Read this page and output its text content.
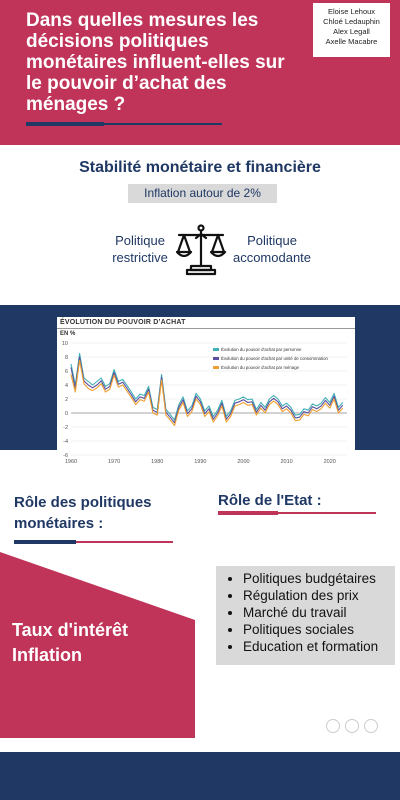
Dans quelles mesures les décisions politiques monétaires influent-elles sur le pouvoir d’achat des ménages ?
Eloise Lehoux
Chloé Ledauphin
Alex Legall
Axelle Macabre
Stabilité monétaire et financière
Inflation autour de 2%
Politique
restrictive
Politique
accomodante
ÉVOLUTION DU POUVOIR D’ACHAT
EN %
-6
-4
-2
0
2
4
6
8
10
1960	1970	1980	1990	2000	2010	2020
Évolution du pouvoir d'achat par personne
Évolution du pouvoir d'achat par unité de consommation
Évolution du pouvoir d'achat par ménage
Rôle des politiques monétaires :
Rôle de l'Etat :
Taux d'intérêt
Inflation
• Politiques budgétaires
• Régulation des prix
• Marché du travail
• Politiques sociales
• Education et formation
